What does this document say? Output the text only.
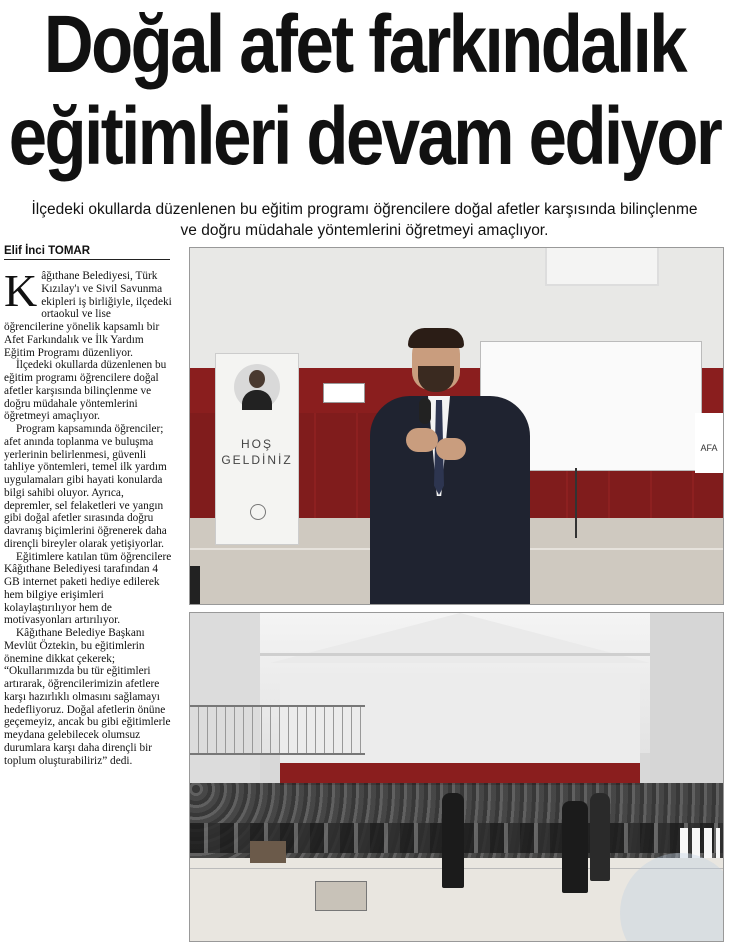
Doğal afet farkındalık
eğitimleri devam ediyor
İlçedeki okullarda düzenlenen bu eğitim programı öğrencilere doğal afetler karşısında bilinçlenme
ve doğru müdahale yöntemlerini öğretmeyi amaçlıyor.
Elif İnci TOMAR

Kâğıthane Belediyesi, Türk Kızılay'ı ve Sivil Savunma ekipleri iş birliğiyle, ilçedeki ortaokul ve lise öğrencilerine yönelik kapsamlı bir Afet Farkındalık ve İlk Yardım Eğitim Programı düzenliyor.

İlçedeki okullarda düzenlenen bu eğitim programı öğrencilere doğal afetler karşısında bilinçlenme ve doğru müdahale yöntemlerini öğretmeyi amaçlıyor.

Program kapsamında öğrenciler; afet anında toplanma ve buluşma yerlerinin belirlenmesi, güvenli tahliye yöntemleri, temel ilk yardım uygulamaları gibi hayati konularda bilgi sahibi oluyor. Ayrıca, depremler, sel felaketleri ve yangın gibi doğal afetler sırasında doğru davranış biçimlerini öğrenerek daha dirençli bireyler olarak yetişiyorlar.

Eğitimlere katılan tüm öğrencilere Kâğıthane Belediyesi tarafından 4 GB internet paketi hediye edilerek hem bilgiye erişimleri kolaylaştırılıyor hem de motivasyonları artırılıyor.

Kâğıthane Belediye Başkanı Mevlüt Öztekin, bu eğitimlerin önemine dikkat çekerek; “Okullarımızda bu tür eğitimleri artırarak, öğrencilerimizin afetlere karşı hazırlıklı olmasını sağlamayı hedefliyoruz. Doğal afetlerin önüne geçemeyiz, ancak bu gibi eğitimlerle meydana gelebilecek olumsuz durumlara karşı daha dirençli bir toplum oluşturabiliriz” dedi.

HOŞ
GELDİNİZ
AFA
